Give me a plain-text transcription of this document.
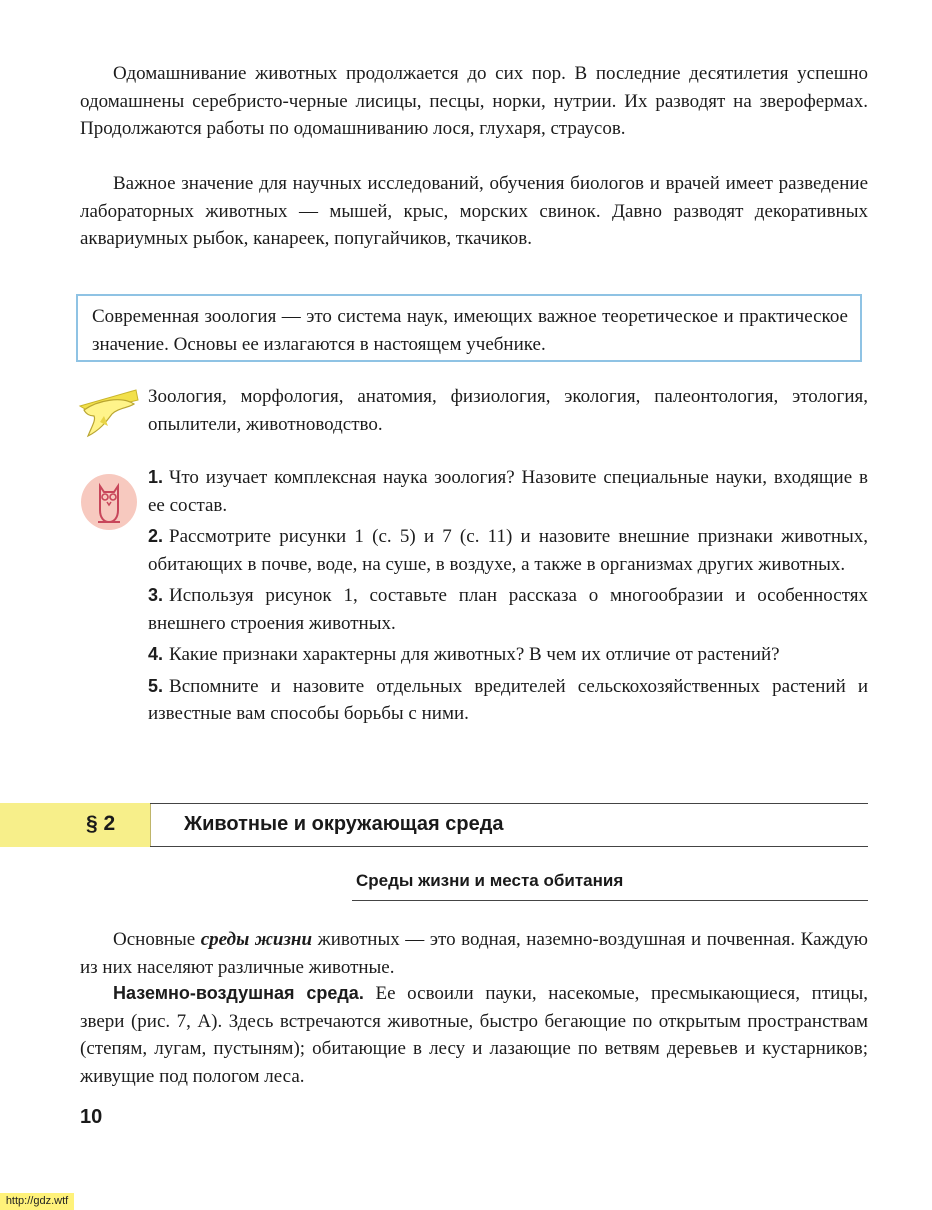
Одомашнивание животных продолжается до сих пор. В последние десятилетия успешно одомашнены серебристо-черные лисицы, песцы, норки, нутрии. Их разводят на зверофермах. Продолжаются работы по одомашниванию лося, глухаря, страусов.

Важное значение для научных исследований, обучения биологов и врачей имеет разведение лабораторных животных — мышей, крыс, морских свинок. Давно разводят декоративных аквариумных рыбок, канареек, попугайчиков, ткачиков.

Современная зоология — это система наук, имеющих важное теоретическое и практическое значение. Основы ее излагаются в настоящем учебнике.

Зоология, морфология, анатомия, физиология, экология, палеонтология, этология, опылители, животноводство.

1. Что изучает комплексная наука зоология? Назовите специальные науки, входящие в ее состав.
2. Рассмотрите рисунки 1 (с. 5) и 7 (с. 11) и назовите внешние признаки животных, обитающих в почве, воде, на суше, в воздухе, а также в организмах других животных.
3. Используя рисунок 1, составьте план рассказа о многообразии и особенностях внешнего строения животных.
4. Какие признаки характерны для животных? В чем их отличие от растений?
5. Вспомните и назовите отдельных вредителей сельскохозяйственных растений и известные вам способы борьбы с ними.
§ 2	Животные и окружающая среда
Среды жизни и места обитания

Основные среды жизни животных — это водная, наземно-воздушная и почвенная. Каждую из них населяют различные животные.

Наземно-воздушная среда. Ее освоили пауки, насекомые, пресмыкающиеся, птицы, звери (рис. 7, А). Здесь встречаются животные, быстро бегающие по открытым пространствам (степям, лугам, пустыням); обитающие в лесу и лазающие по ветвям деревьев и кустарников; живущие под пологом леса.

10
http://gdz.wtf
